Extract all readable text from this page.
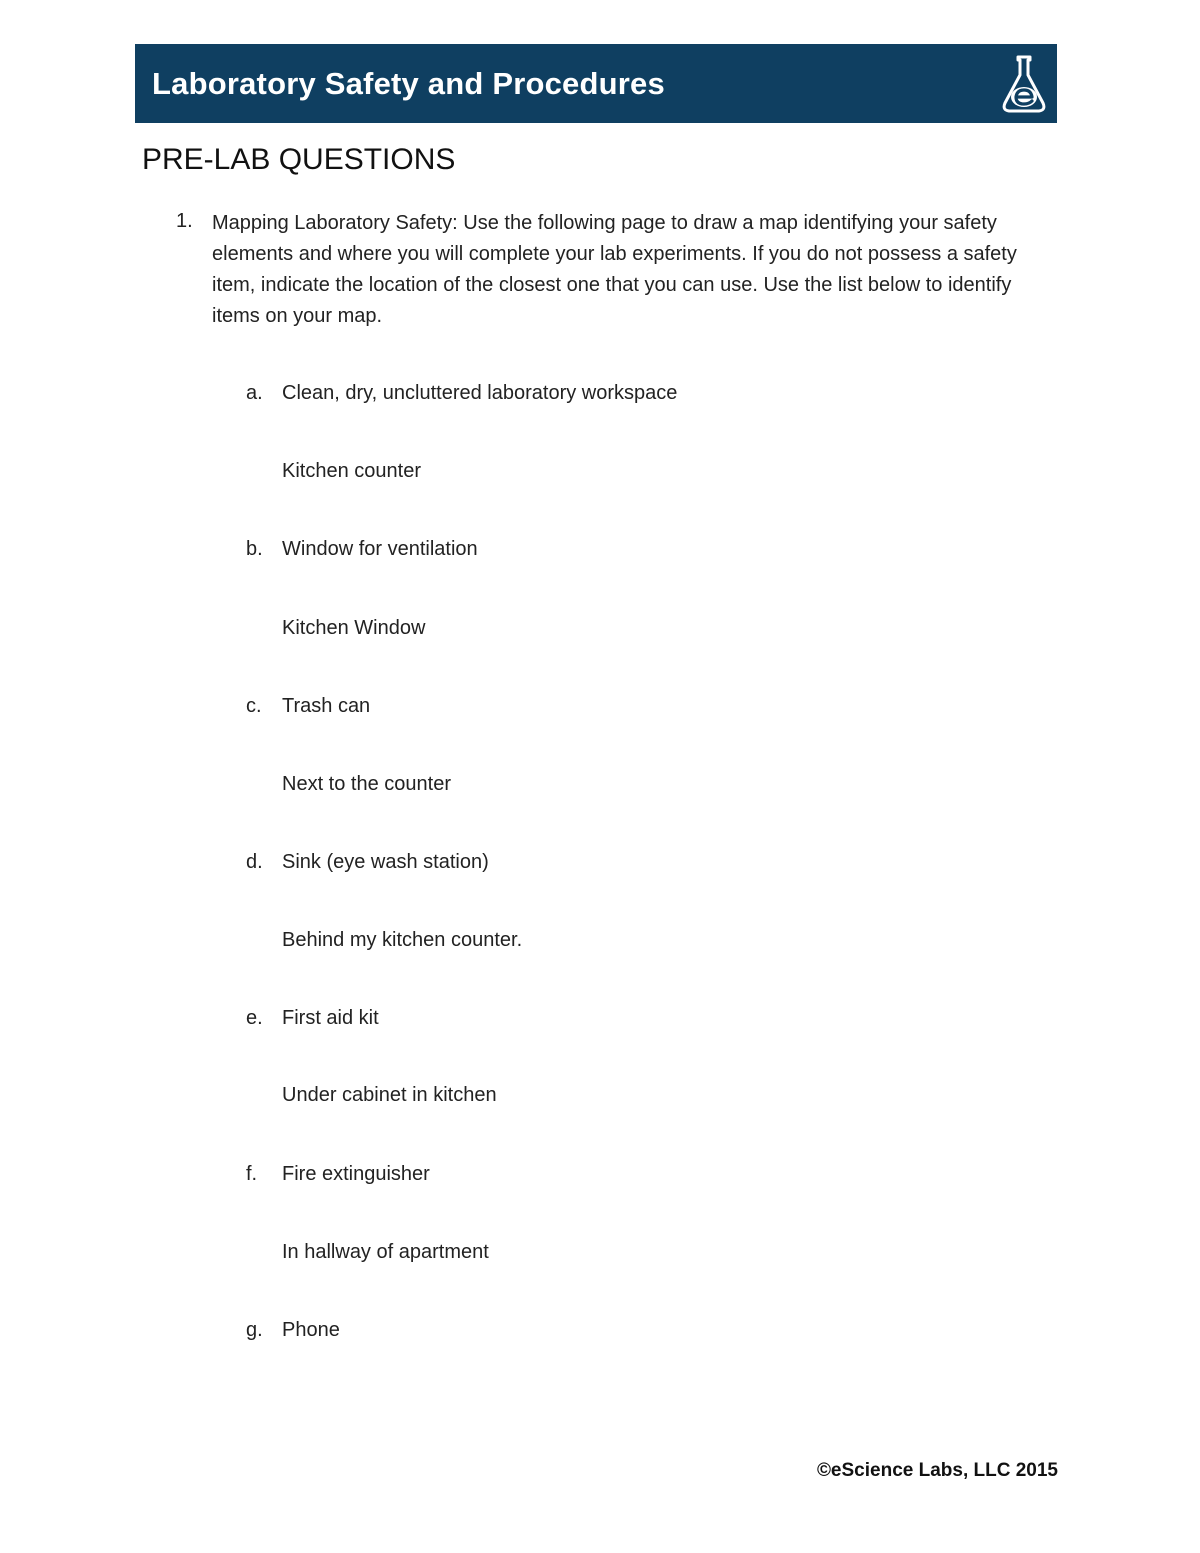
Laboratory Safety and Procedures
PRE-LAB QUESTIONS
1. Mapping Laboratory Safety: Use the following page to draw a map identifying your safety elements and where you will complete your lab experiments. If you do not possess a safety item, indicate the location of the closest one that you can use. Use the list below to identify items on your map.
a. Clean, dry, uncluttered laboratory workspace
Kitchen counter
b. Window for ventilation
Kitchen Window
c. Trash can
Next to the counter
d. Sink (eye wash station)
Behind my kitchen counter.
e. First aid kit
Under cabinet in kitchen
f. Fire extinguisher
In hallway of apartment
g. Phone
©eScience Labs, LLC 2015
